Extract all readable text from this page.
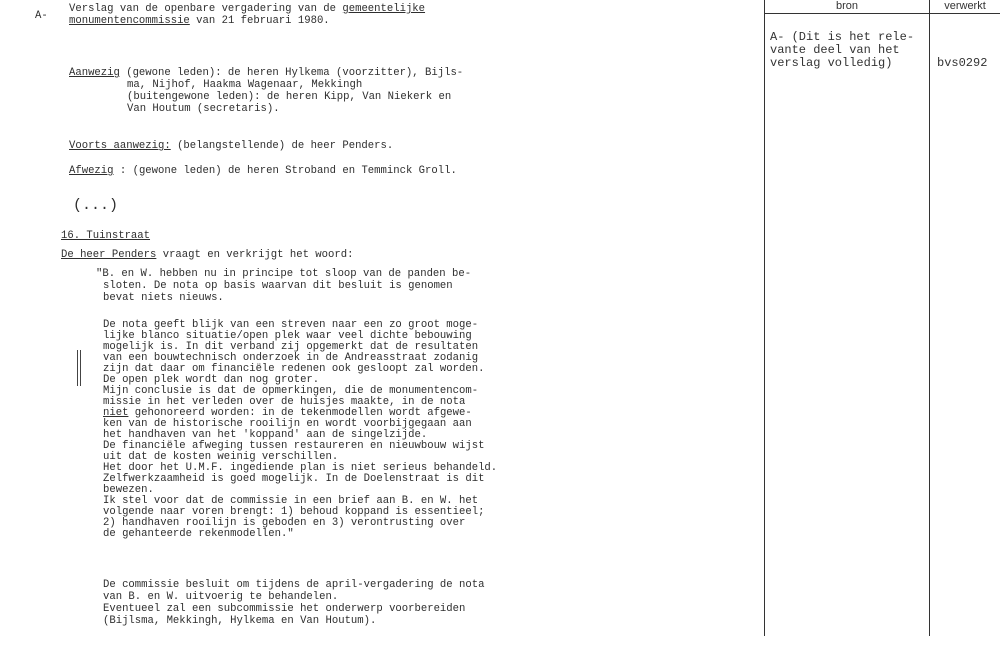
A-
Verslag van de openbare vergadering van de gemeentelijke
monumentencommissie van 21 februari 1980.
Aanwezig (gewone leden): de heren Hylkema (voorzitter), Bijls-
ma, Nijhof, Haakma Wagenaar, Mekkingh
(buitengewone leden): de heren Kipp, Van Niekerk en
Van Houtum (secretaris).
Voorts aanwezig: (belangstellende) de heer Penders.
Afwezig : (gewone leden) de heren Stroband en Temminck Groll.
(...)
16. Tuinstraat
De heer Penders vraagt en verkrijgt het woord:
"B. en W. hebben nu in principe tot sloop van de panden be-
sloten. De nota op basis waarvan dit besluit is genomen
bevat niets nieuws.
De nota geeft blijk van een streven naar een zo groot moge-
lijke blanco situatie/open plek waar veel dichte bebouwing
mogelijk is. In dit verband zij opgemerkt dat de resultaten
van een bouwtechnisch onderzoek in de Andreasstraat zodanig
zijn dat daar om financiële redenen ook gesloopt zal worden.
De open plek wordt dan nog groter.
Mijn conclusie is dat de opmerkingen, die de monumentencom-
missie in het verleden over de huisjes maakte, in de nota
niet gehonoreerd worden: in de tekenmodellen wordt afgewe-
ken van de historische rooilijn en wordt voorbijgegaan aan
het handhaven van het 'koppand' aan de singelzijde.
De financiële afweging tussen restaureren en nieuwbouw wijst
uit dat de kosten weinig verschillen.
Het door het U.M.F. ingediende plan is niet serieus behandeld.
Zelfwerkzaamheid is goed mogelijk. In de Doelenstraat is dit
bewezen.
Ik stel voor dat de commissie in een brief aan B. en W. het
volgende naar voren brengt: 1) behoud koppand is essentieel;
2) handhaven rooilijn is geboden en 3) verontrusting over
de gehanteerde rekenmodellen."
De commissie besluit om tijdens de april-vergadering de nota
van B. en W. uitvoerig te behandelen.
Eventueel zal een subcommissie het onderwerp voorbereiden
(Bijlsma, Mekkingh, Hylkema en Van Houtum).
bron	verwerkt
A- (Dit is het rele-
vante deel van het
verslag volledig)	bvs0292
